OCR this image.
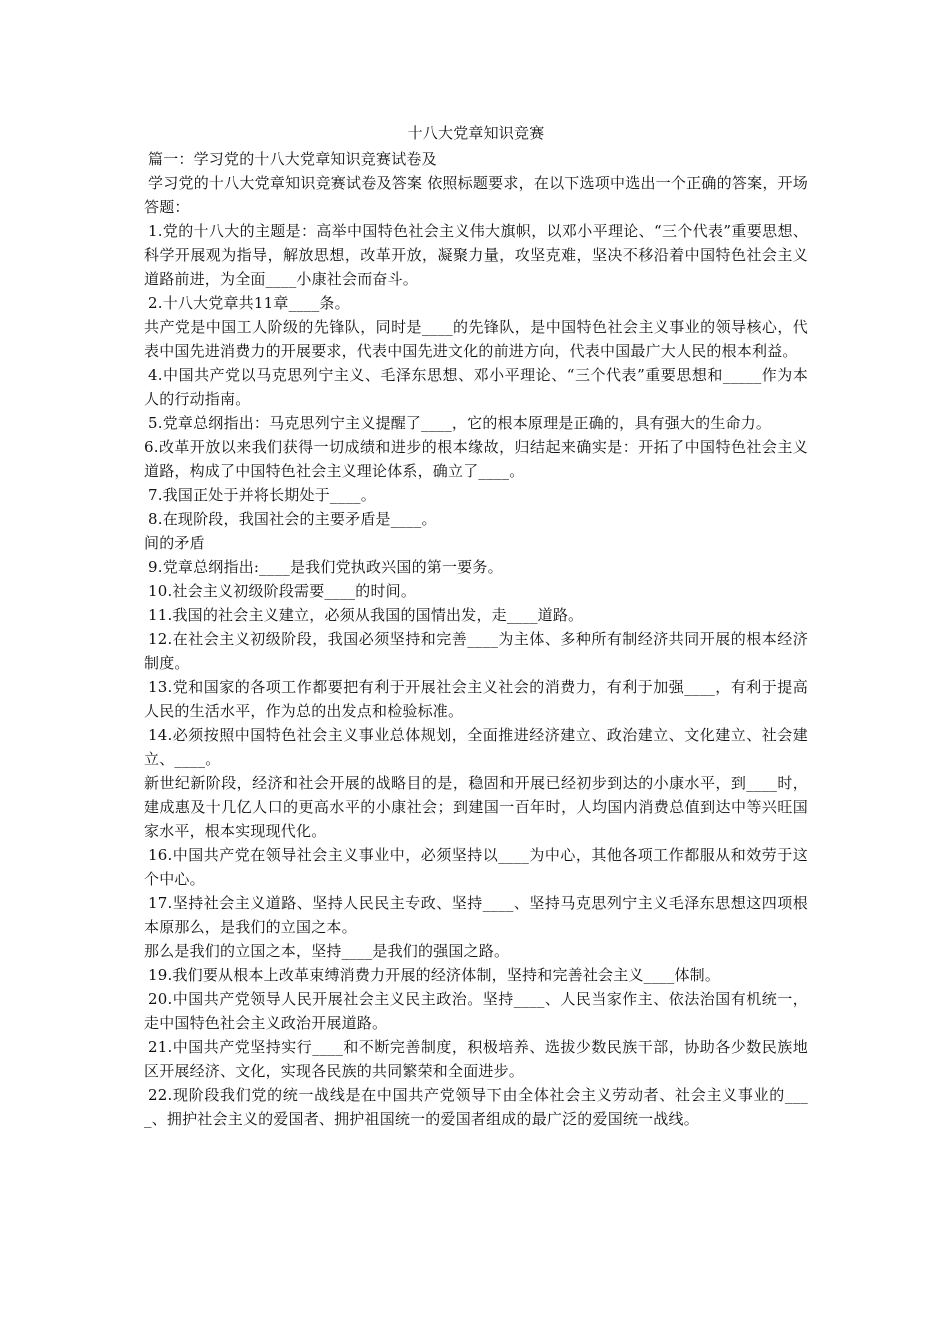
十八大党章知识竞赛

篇一：学习党的十八大党章知识竞赛试卷及

学习党的十八大党章知识竞赛试卷及答案 依照标题要求，在以下选项中选出一个正确的答案，开场答题：

1.党的十八大的主题是：高举中国特色社会主义伟大旗帜，以邓小平理论、“三个代表”重要思想、科学开展观为指导，解放思想，改革开放，凝聚力量，攻坚克难，坚决不移沿着中国特色社会主义道路前进，为全面____小康社会而奋斗。

2.十八大党章共11章____条。

共产党是中国工人阶级的先锋队，同时是____的先锋队，是中国特色社会主义事业的领导核心，代表中国先进消费力的开展要求，代表中国先进文化的前进方向，代表中国最广大人民的根本利益。

4.中国共产党以马克思列宁主义、毛泽东思想、邓小平理论、“三个代表”重要思想和_____作为本人的行动指南。

5.党章总纲指出：马克思列宁主义提醒了____，它的根本原理是正确的，具有强大的生命力。

6.改革开放以来我们获得一切成绩和进步的根本缘故，归结起来确实是：开拓了中国特色社会主义道路，构成了中国特色社会主义理论体系，确立了____。

7.我国正处于并将长期处于____。

8.在现阶段，我国社会的主要矛盾是____。

间的矛盾

9.党章总纲指出:____是我们党执政兴国的第一要务。

10.社会主义初级阶段需要____的时间。

11.我国的社会主义建立，必须从我国的国情出发，走____道路。

12.在社会主义初级阶段，我国必须坚持和完善____为主体、多种所有制经济共同开展的根本经济制度。

13.党和国家的各项工作都要把有利于开展社会主义社会的消费力，有利于加强____，有利于提高人民的生活水平，作为总的出发点和检验标准。

14.必须按照中国特色社会主义事业总体规划，全面推进经济建立、政治建立、文化建立、社会建立、____。

新世纪新阶段，经济和社会开展的战略目的是，稳固和开展已经初步到达的小康水平，到____时，建成惠及十几亿人口的更高水平的小康社会；到建国一百年时，人均国内消费总值到达中等兴旺国家水平，根本实现现代化。

16.中国共产党在领导社会主义事业中，必须坚持以____为中心，其他各项工作都服从和效劳于这个中心。

17.坚持社会主义道路、坚持人民民主专政、坚持____、坚持马克思列宁主义毛泽东思想这四项根本原那么，是我们的立国之本。

那么是我们的立国之本，坚持____是我们的强国之路。

19.我们要从根本上改革束缚消费力开展的经济体制，坚持和完善社会主义____体制。

20.中国共产党领导人民开展社会主义民主政治。坚持____、人民当家作主、依法治国有机统一，走中国特色社会主义政治开展道路。

21.中国共产党坚持实行____和不断完善制度，积极培养、选拔少数民族干部，协助各少数民族地区开展经济、文化，实现各民族的共同繁荣和全面进步。

22.现阶段我们党的统一战线是在中国共产党领导下由全体社会主义劳动者、社会主义事业的____、拥护社会主义的爱国者、拥护祖国统一的爱国者组成的最广泛的爱国统一战线。
